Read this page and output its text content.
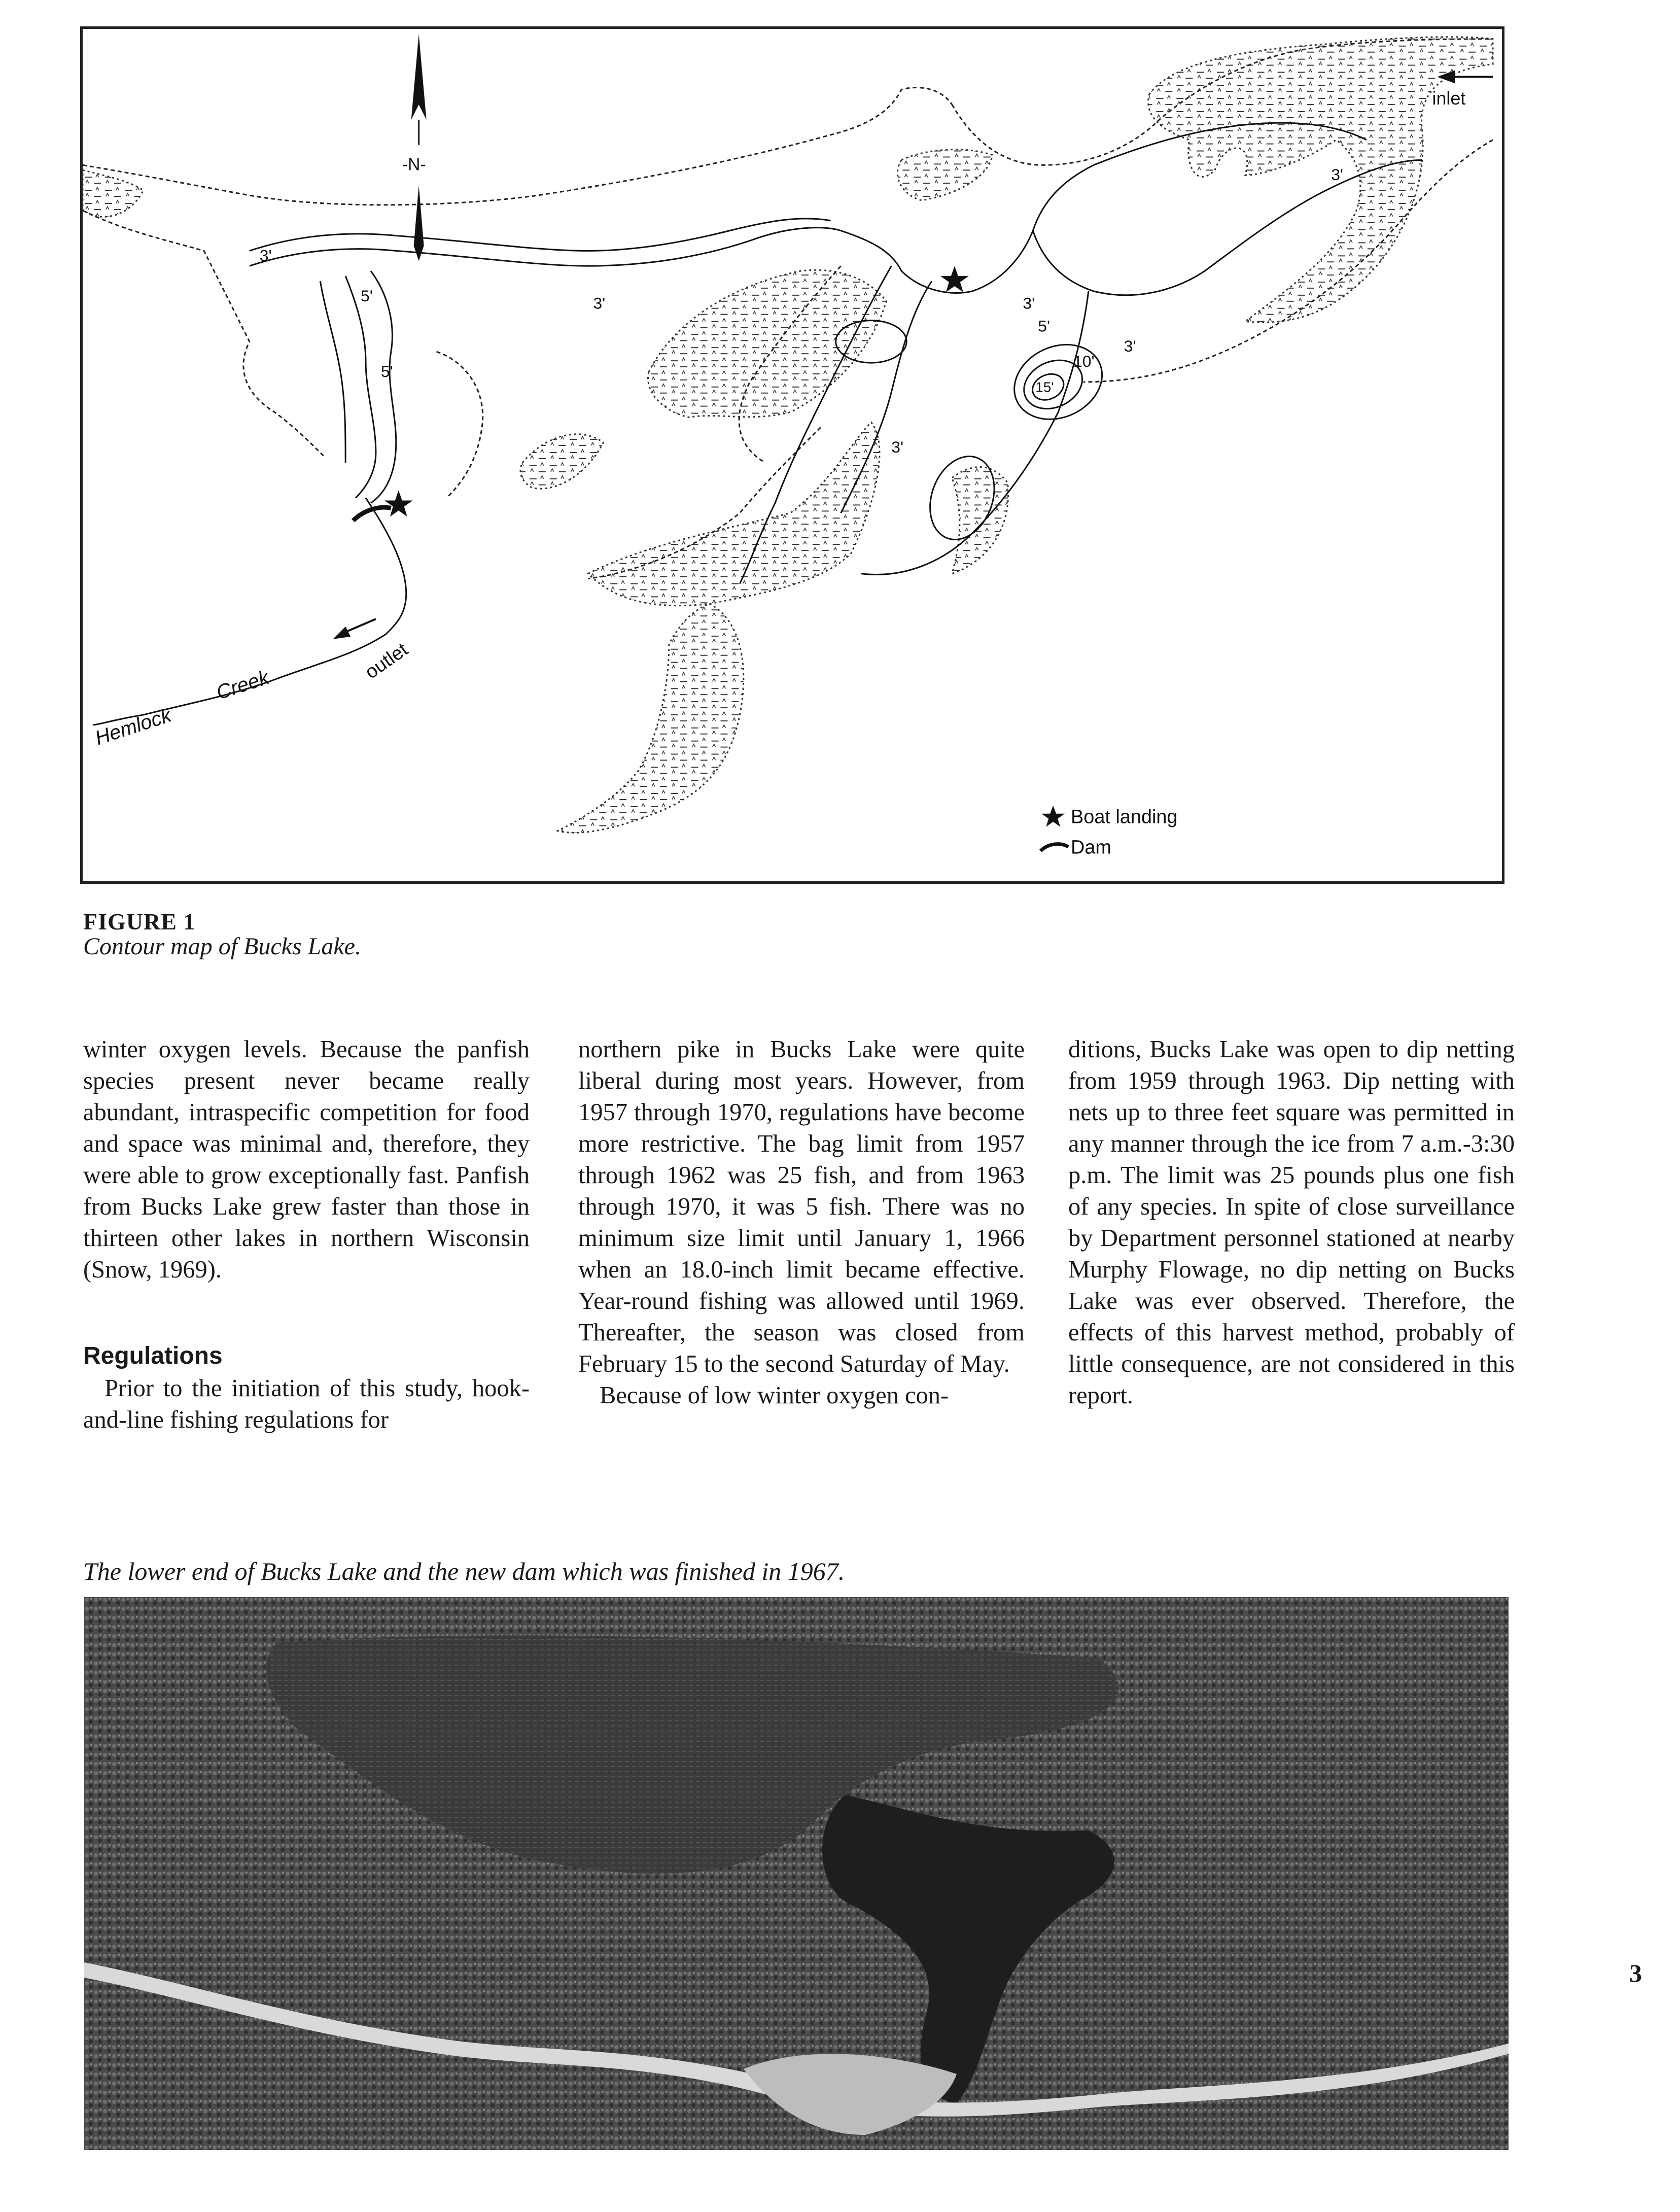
-N-
inlet
outlet
Hemlock
Creek
3'
3'	3'
3'
3'
3'
5'
5'
5'
10'
15'
Boat landing
Dam
FIGURE 1
Contour map of Bucks Lake.

winter oxygen levels. Because the panfish species present never became really abundant, intraspecific competition for food and space was minimal and, therefore, they were able to grow exceptionally fast. Panfish from Bucks Lake grew faster than those in thirteen other lakes in northern Wisconsin (Snow, 1969).

Regulations

Prior to the initiation of this study, hook-and-line fishing regulations for

northern pike in Bucks Lake were quite liberal during most years. However, from 1957 through 1970, regulations have become more restrictive. The bag limit from 1957 through 1962 was 25 fish, and from 1963 through 1970, it was 5 fish. There was no minimum size limit until January 1, 1966 when an 18.0-inch limit became effective. Year-round fishing was allowed until 1969. Thereafter, the season was closed from February 15 to the second Saturday of May.

Because of low winter oxygen con-

ditions, Bucks Lake was open to dip netting from 1959 through 1963. Dip netting with nets up to three feet square was permitted in any manner through the ice from 7 a.m.-3:30 p.m. The limit was 25 pounds plus one fish of any species. In spite of close surveillance by Department personnel stationed at nearby Murphy Flowage, no dip netting on Bucks Lake was ever observed. Therefore, the effects of this harvest method, probably of little consequence, are not considered in this report.

The lower end of Bucks Lake and the new dam which was finished in 1967.
3
